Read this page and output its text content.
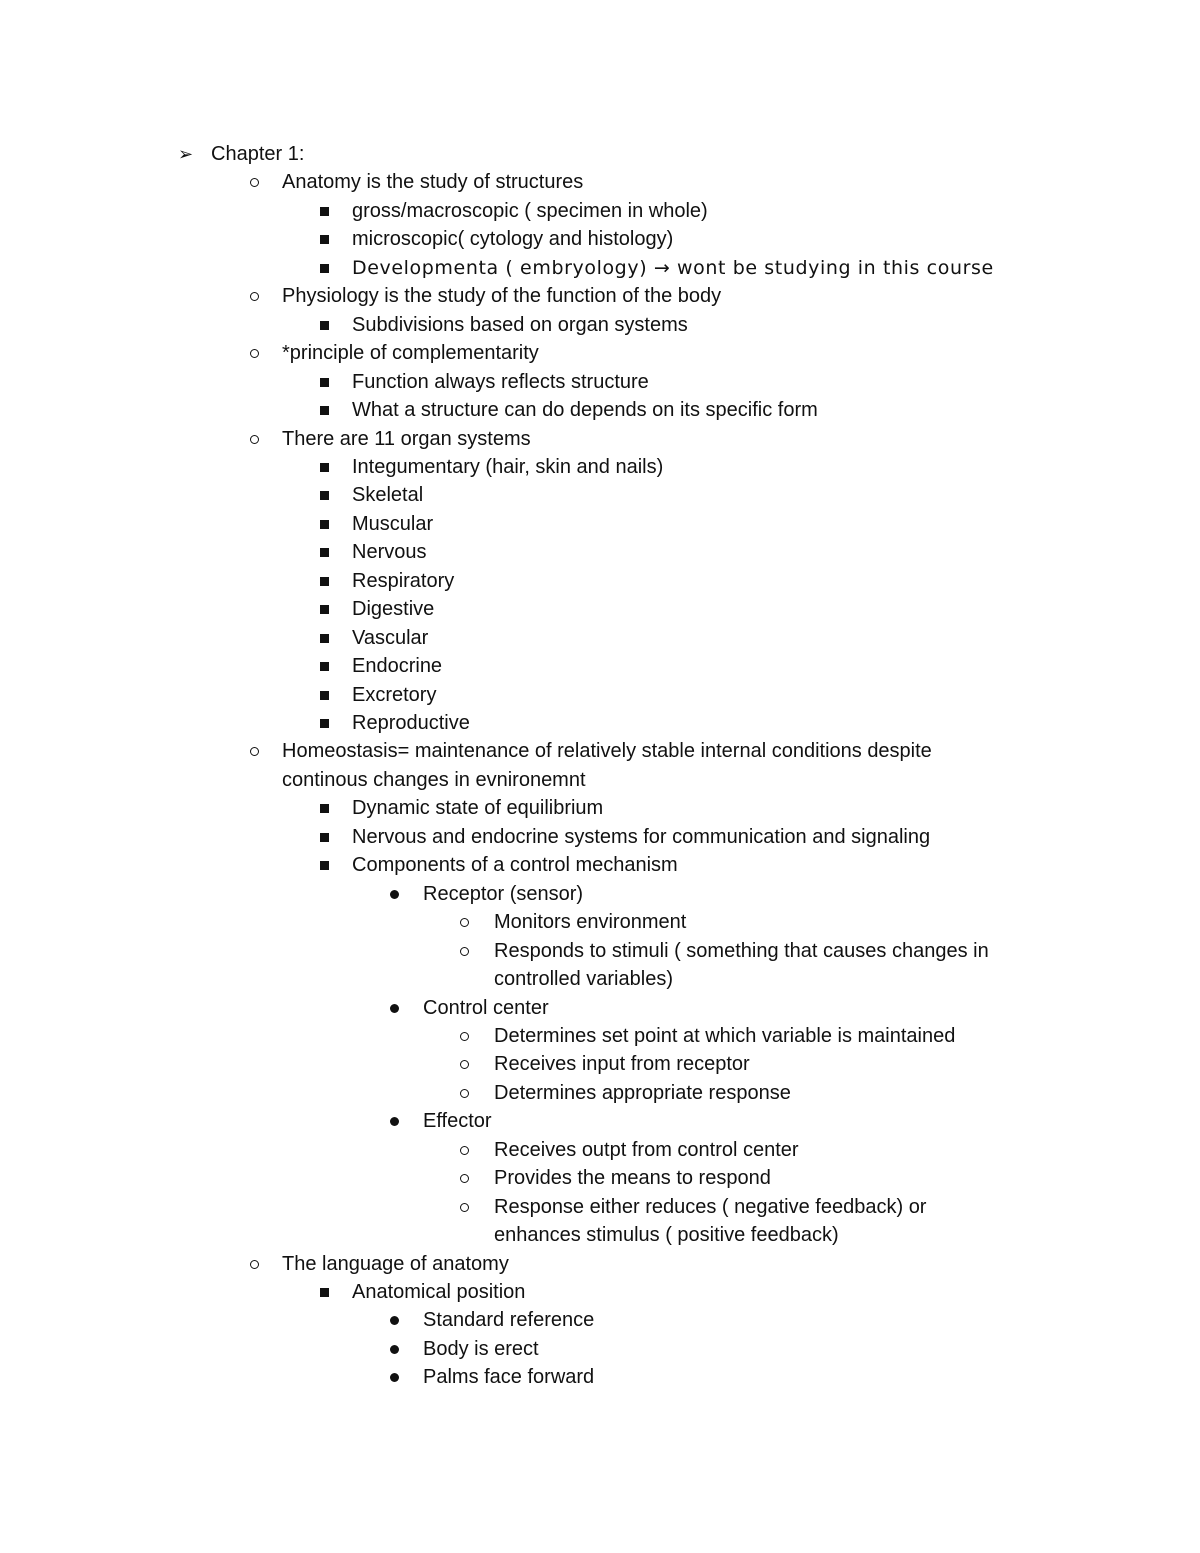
➢ Chapter 1:
Anatomy is the study of structures
gross/macroscopic ( specimen in whole)
microscopic( cytology and histology)
Developmenta ( embryology) → wont be studying in this course
Physiology is the study of the function of the body
Subdivisions based on organ systems
*principle of complementarity
Function always reflects structure
What a structure can do depends on its specific form
There are 11 organ systems
Integumentary (hair, skin and nails)
Skeletal
Muscular
Nervous
Respiratory
Digestive
Vascular
Endocrine
Excretory
Reproductive
Homeostasis= maintenance of relatively stable internal conditions despite
continous changes in evnironemnt
Dynamic state of equilibrium
Nervous and endocrine systems for communication and signaling
Components of a control mechanism
Receptor (sensor)
Monitors environment
Responds to stimuli ( something that causes changes in
controlled variables)
Control center
Determines set point at which variable is maintained
Receives input from receptor
Determines appropriate response
Effector
Receives outpt from control center
Provides the means to respond
Response either reduces ( negative feedback) or
enhances stimulus ( positive feedback)
The language of anatomy
Anatomical position
Standard reference
Body is erect
Palms face forward
